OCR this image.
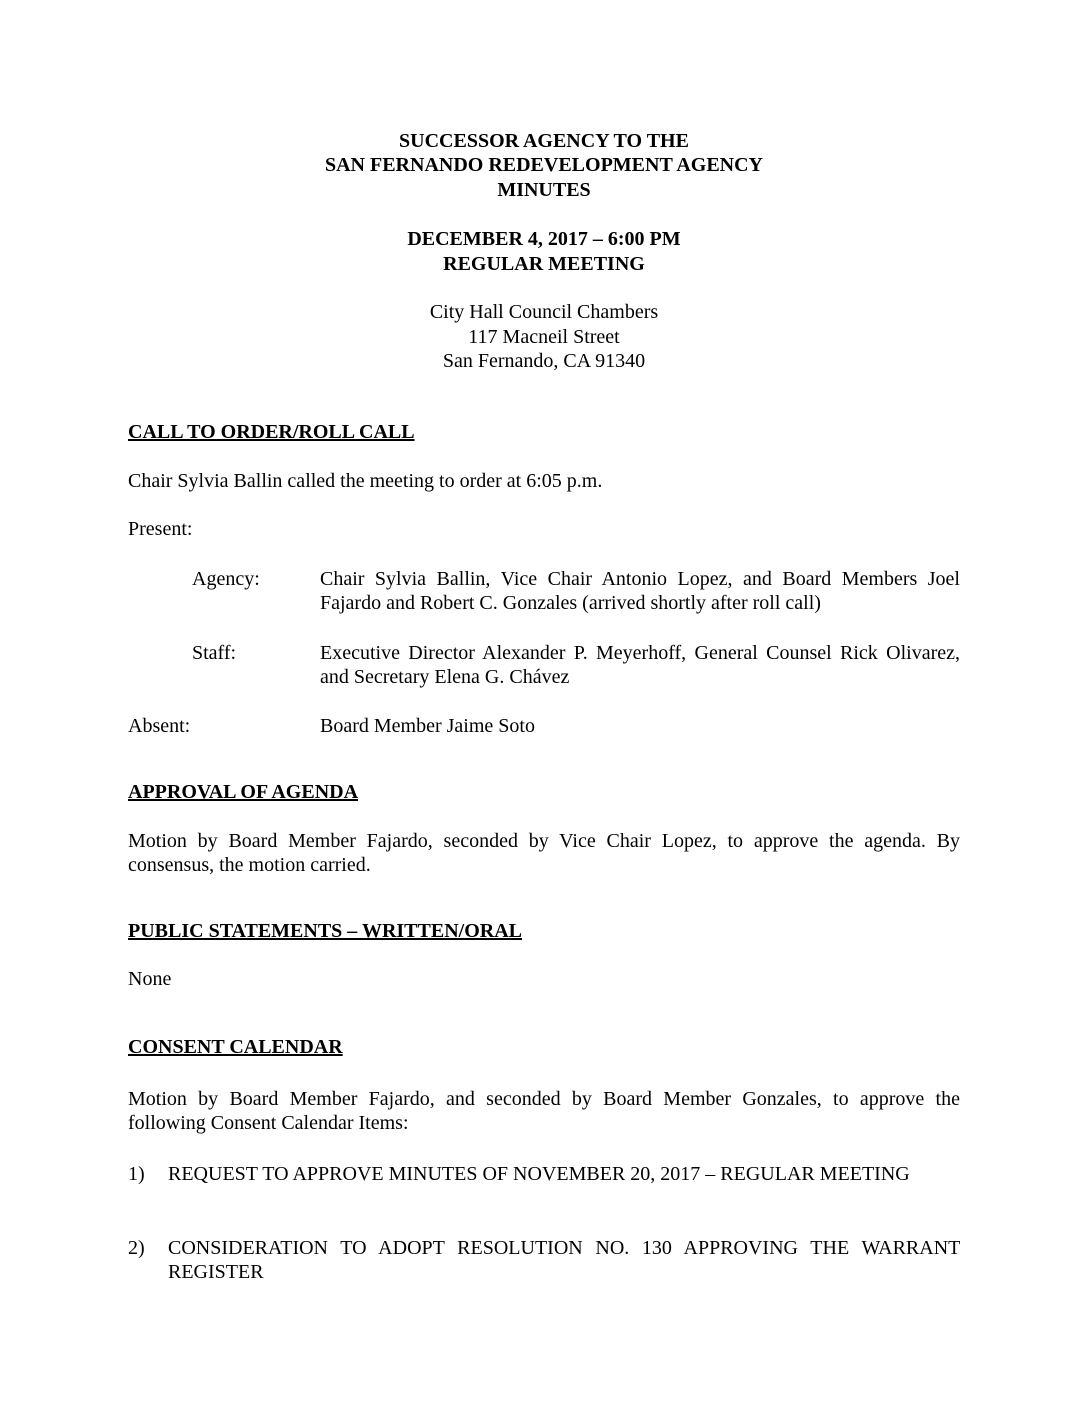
SUCCESSOR AGENCY TO THE
SAN FERNANDO REDEVELOPMENT AGENCY
MINUTES
DECEMBER 4, 2017 – 6:00 PM
REGULAR MEETING
City Hall Council Chambers
117 Macneil Street
San Fernando, CA 91340
CALL TO ORDER/ROLL CALL
Chair Sylvia Ballin called the meeting to order at 6:05 p.m.
Present:
Agency:	Chair Sylvia Ballin, Vice Chair Antonio Lopez, and Board Members Joel Fajardo and Robert C. Gonzales (arrived shortly after roll call)
Staff:	Executive Director Alexander P. Meyerhoff, General Counsel Rick Olivarez, and Secretary Elena G. Chávez
Absent:	Board Member Jaime Soto
APPROVAL OF AGENDA
Motion by Board Member Fajardo, seconded by Vice Chair Lopez, to approve the agenda. By consensus, the motion carried.
PUBLIC STATEMENTS – WRITTEN/ORAL
None
CONSENT CALENDAR
Motion by Board Member Fajardo, and seconded by Board Member Gonzales, to approve the following Consent Calendar Items:
1) REQUEST TO APPROVE MINUTES OF NOVEMBER 20, 2017 – REGULAR MEETING
2) CONSIDERATION TO ADOPT RESOLUTION NO. 130 APPROVING THE WARRANT REGISTER
